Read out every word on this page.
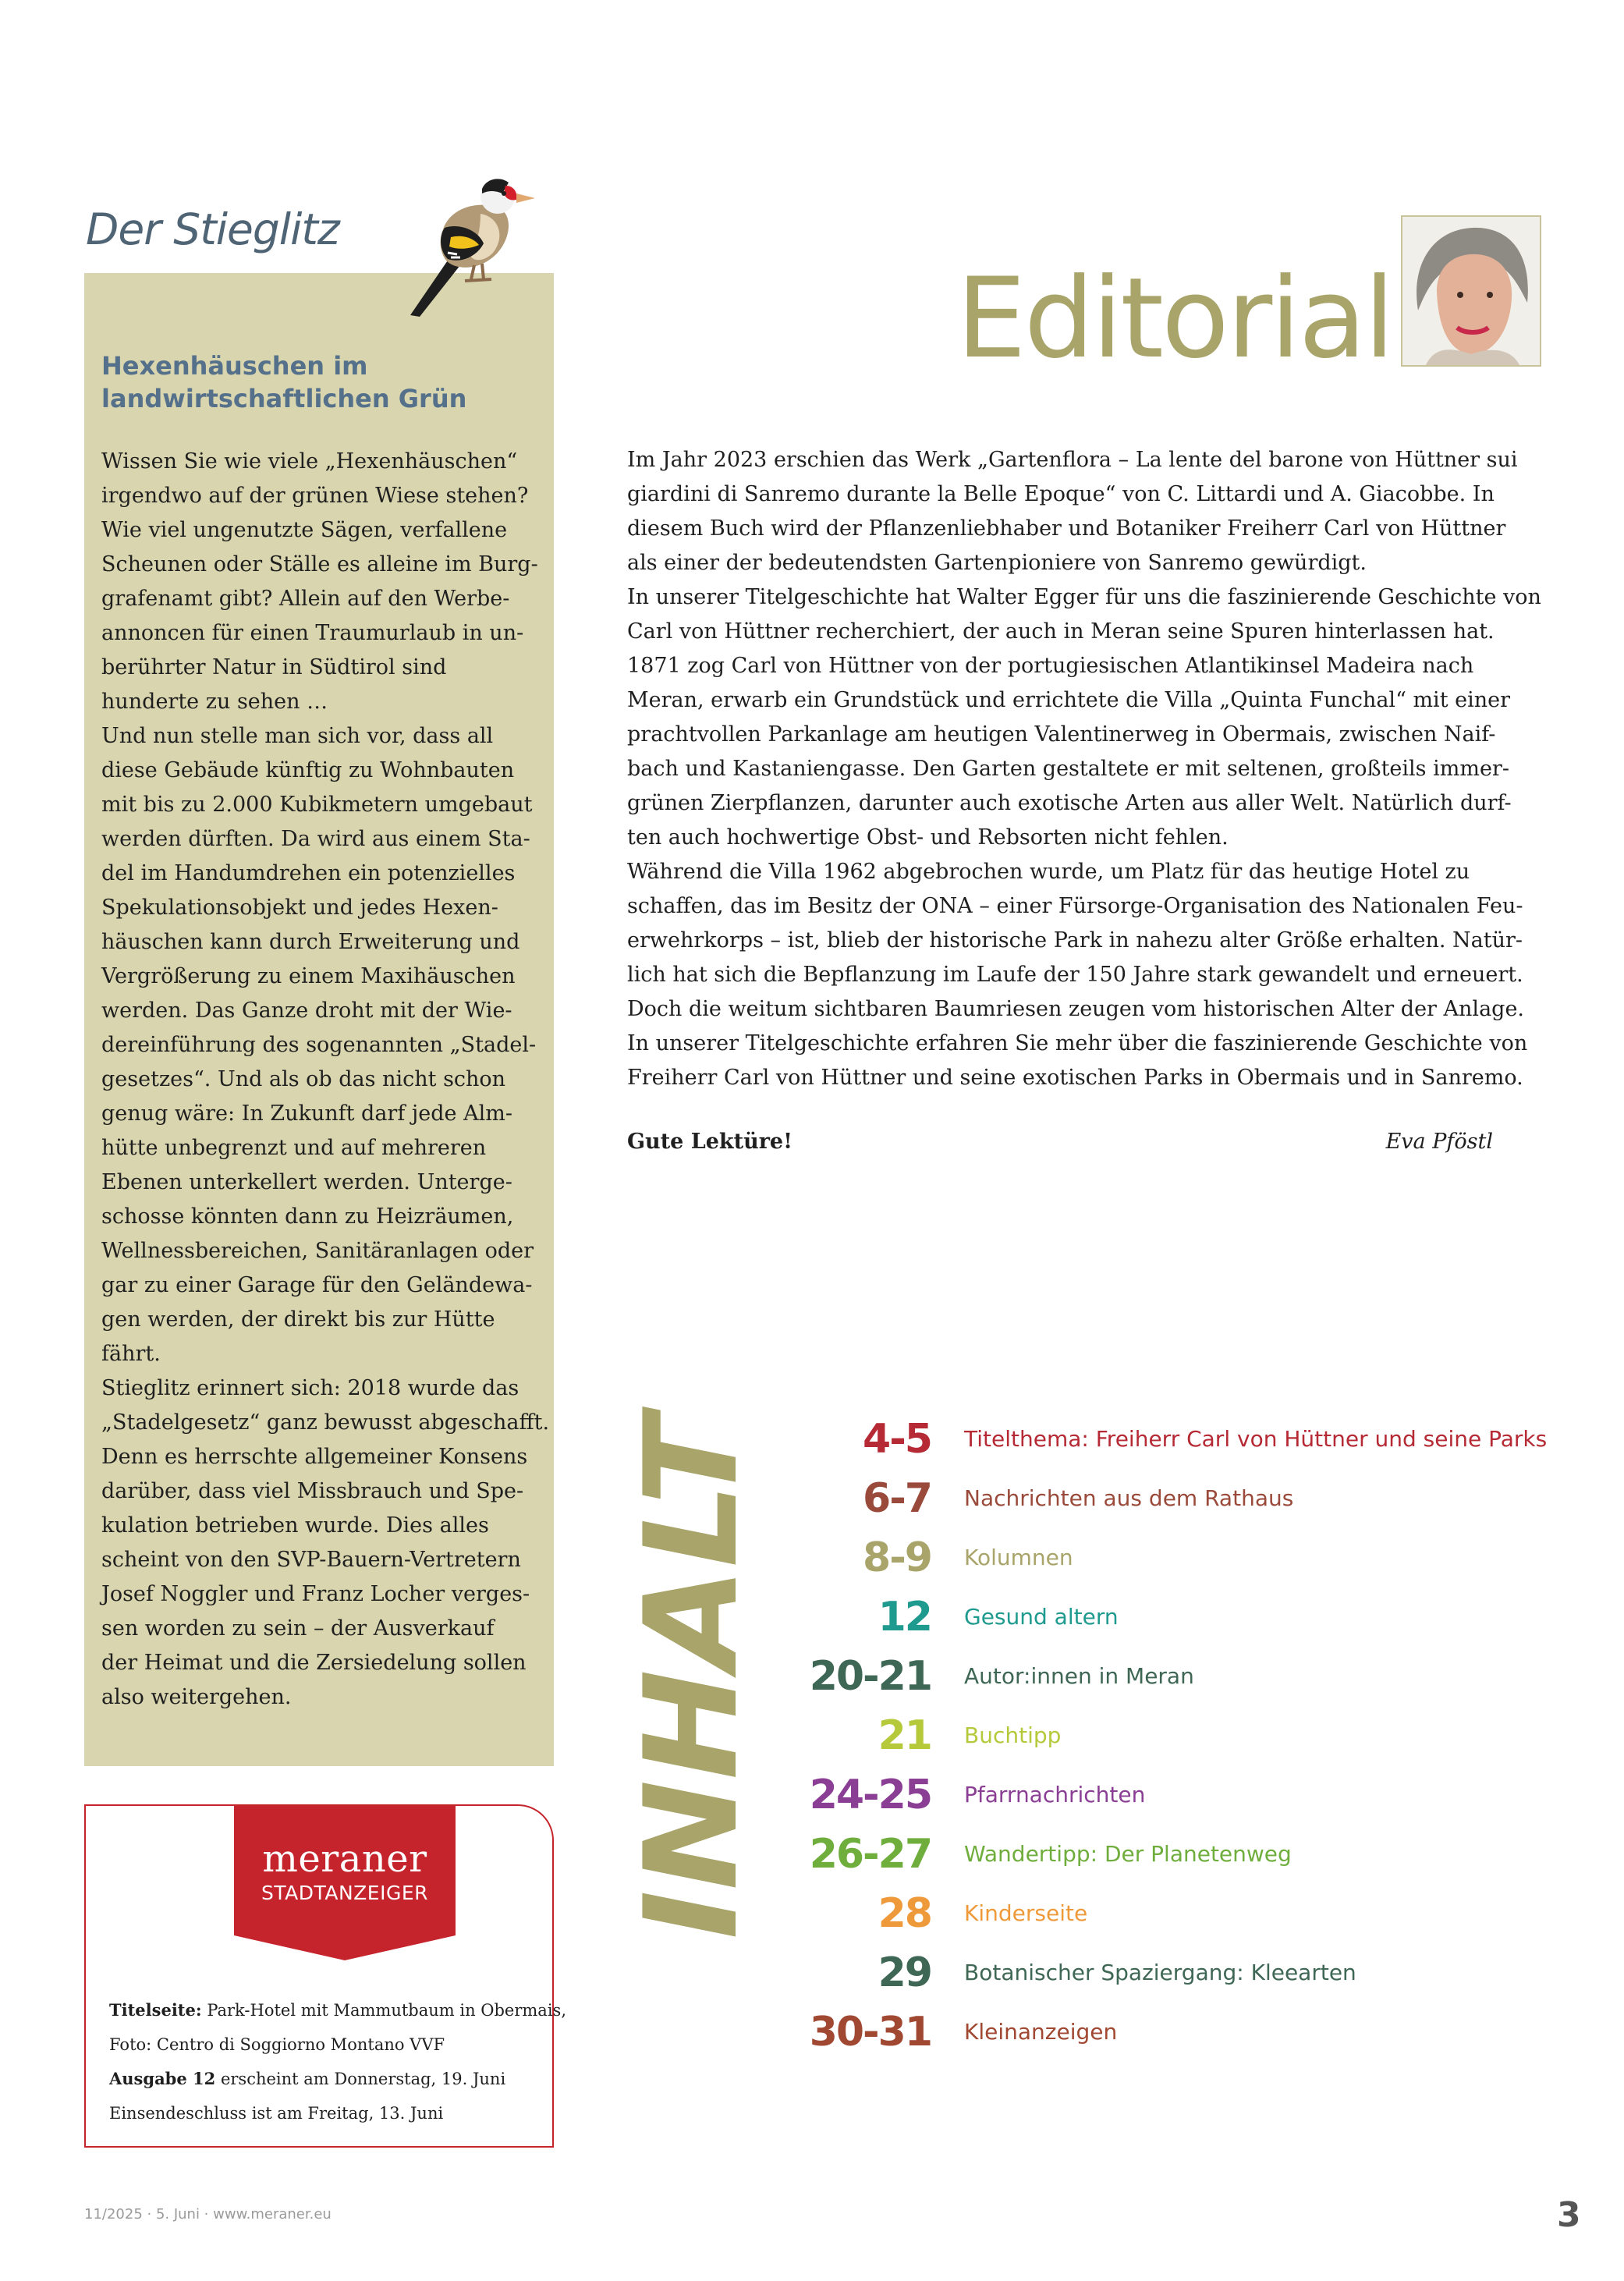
Der Stieglitz

Hexenhäuschen im

landwirtschaftlichen Grün

Wissen Sie wie viele „Hexenhäuschen“

irgendwo auf der grünen Wiese stehen?

Wie viel ungenutzte Sägen, verfallene

Scheunen oder Ställe es alleine im Burg-

grafenamt gibt? Allein auf den Werbe-

annoncen für einen Traumurlaub in un-

berührter Natur in Südtirol sind

hunderte zu sehen …

Und nun stelle man sich vor, dass all

diese Gebäude künftig zu Wohnbauten

mit bis zu 2.000 Kubikmetern umgebaut

werden dürften. Da wird aus einem Sta-

del im Handumdrehen ein potenzielles

Spekulationsobjekt und jedes Hexen-

häuschen kann durch Erweiterung und

Vergrößerung zu einem Maxihäuschen

werden. Das Ganze droht mit der Wie-

dereinführung des sogenannten „Stadel-

gesetzes“. Und als ob das nicht schon

genug wäre: In Zukunft darf jede Alm-

hütte unbegrenzt und auf mehreren

Ebenen unterkellert werden. Unterge-

schosse könnten dann zu Heizräumen,

Wellnessbereichen, Sanitäranlagen oder

gar zu einer Garage für den Geländewa-

gen werden, der direkt bis zur Hütte

fährt.

Stieglitz erinnert sich: 2018 wurde das

„Stadelgesetz“ ganz bewusst abgeschafft.

Denn es herrschte allgemeiner Konsens

darüber, dass viel Missbrauch und Spe-

kulation betrieben wurde. Dies alles

scheint von den SVP-Bauern-Vertretern

Josef Noggler und Franz Locher verges-

sen worden zu sein – der Ausverkauf

der Heimat und die Zersiedelung sollen

also weitergehen.

meraner
STADTANZEIGER

Titelseite: Park-Hotel mit Mammutbaum in Obermais,

Foto: Centro di Soggiorno Montano VVF

Ausgabe 12 erscheint am Donnerstag, 19. Juni

Einsendeschluss ist am Freitag, 13. Juni

Editorial

Im Jahr 2023 erschien das Werk „Gartenflora – La lente del barone von Hüttner sui

giardini di Sanremo durante la Belle Epoque“ von C. Littardi und A. Giacobbe. In

diesem Buch wird der Pflanzenliebhaber und Botaniker Freiherr Carl von Hüttner

als einer der bedeutendsten Gartenpioniere von Sanremo gewürdigt.

In unserer Titelgeschichte hat Walter Egger für uns die faszinierende Geschichte von

Carl von Hüttner recherchiert, der auch in Meran seine Spuren hinterlassen hat.

1871 zog Carl von Hüttner von der portugiesischen Atlantikinsel Madeira nach

Meran, erwarb ein Grundstück und errichtete die Villa „Quinta Funchal“ mit einer

prachtvollen Parkanlage am heutigen Valentinerweg in Obermais, zwischen Naif-

bach und Kastaniengasse. Den Garten gestaltete er mit seltenen, großteils immer-

grünen Zierpflanzen, darunter auch exotische Arten aus aller Welt. Natürlich durf-

ten auch hochwertige Obst- und Rebsorten nicht fehlen.

Während die Villa 1962 abgebrochen wurde, um Platz für das heutige Hotel zu

schaffen, das im Besitz der ONA – einer Fürsorge-Organisation des Nationalen Feu-

erwehrkorps – ist, blieb der historische Park in nahezu alter Größe erhalten. Natür-

lich hat sich die Bepflanzung im Laufe der 150 Jahre stark gewandelt und erneuert.

Doch die weitum sichtbaren Baumriesen zeugen vom historischen Alter der Anlage.

In unserer Titelgeschichte erfahren Sie mehr über die faszinierende Geschichte von

Freiherr Carl von Hüttner und seine exotischen Parks in Obermais und in Sanremo.

Gute Lektüre!	Eva Pföstl
INHALT	4-5 Titelthema: Freiherr Carl von Hüttner und seine Parks
6-7 Nachrichten aus dem Rathaus
8-9 Kolumnen
12 Gesund altern
20-21 Autor:innen in Meran
21 Buchtipp
24-25 Pfarrnachrichten
26-27 Wandertipp: Der Planetenweg
28 Kinderseite
29 Botanischer Spaziergang: Kleearten
30-31 Kleinanzeigen
11/2025 · 5. Juni · www.meraner.eu	3
